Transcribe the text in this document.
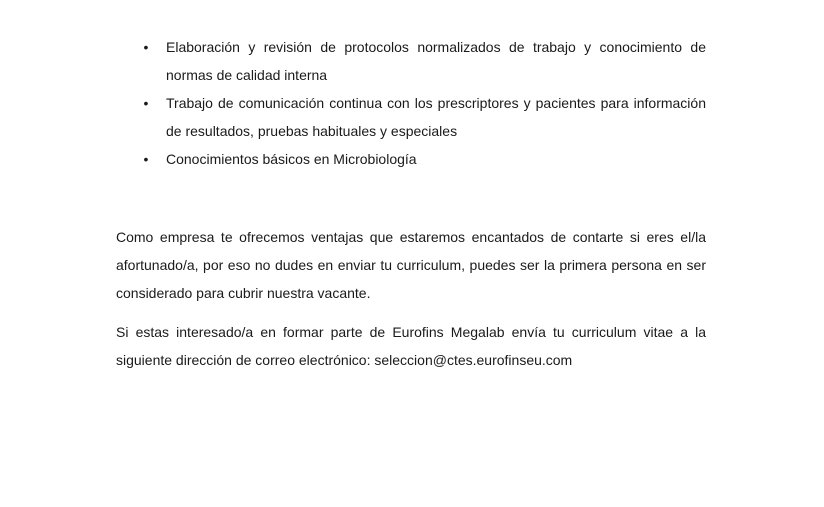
• Elaboración y revisión de protocolos normalizados de trabajo y conocimiento de normas de calidad interna
• Trabajo de comunicación continua con los prescriptores y pacientes para información de resultados, pruebas habituales y especiales
• Conocimientos básicos en Microbiología

Como empresa te ofrecemos ventajas que estaremos encantados de contarte si eres el/la afortunado/a, por eso no dudes en enviar tu curriculum, puedes ser la primera persona en ser considerado para cubrir nuestra vacante.

Si estas interesado/a en formar parte de Eurofins Megalab envía tu curriculum vitae a la siguiente dirección de correo electrónico: seleccion@ctes.eurofinseu.com
